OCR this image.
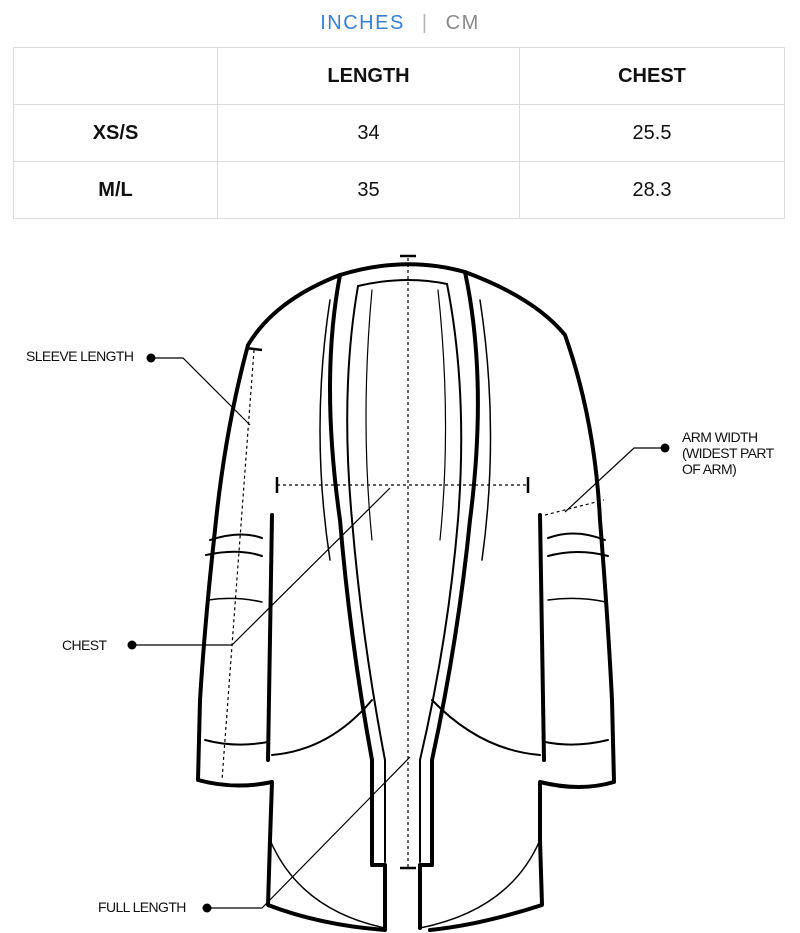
INCHES | CM
	LENGTH	CHEST
XS/S	34	25.5
M/L	35	28.3
SLEEVE LENGTH
CHEST
FULL LENGTH
ARM WIDTH
(WIDEST PART
OF ARM)
